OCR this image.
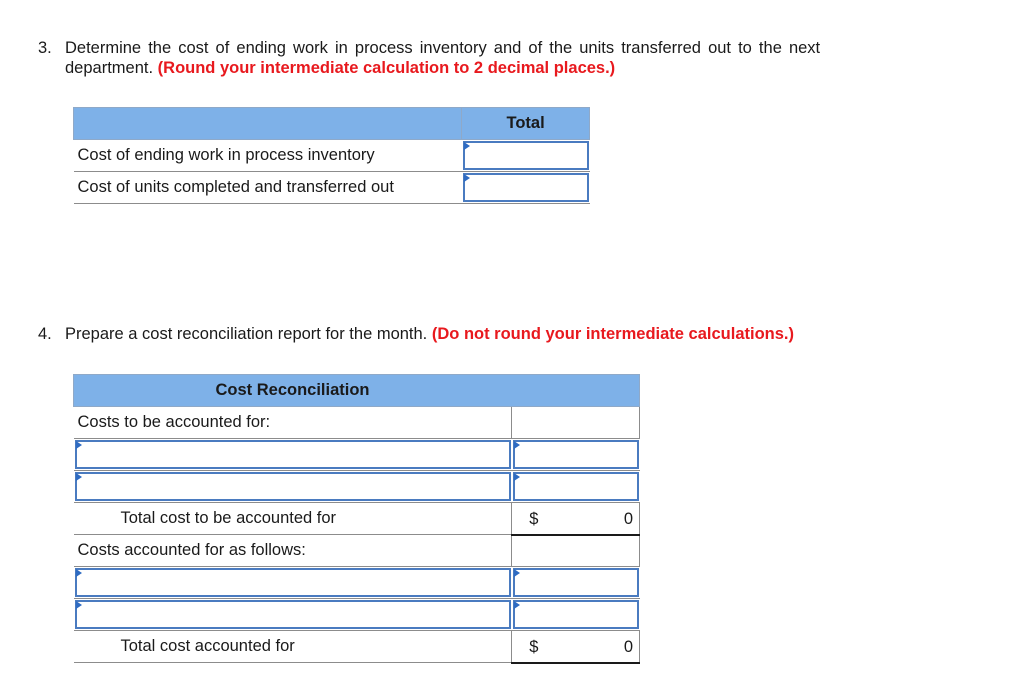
3. Determine the cost of ending work in process inventory and of the units transferred out to the next
department. (Round your intermediate calculation to 2 decimal places.)
	Total
Cost of ending work in process inventory	

Cost of units completed and transferred out	
4. Prepare a cost reconciliation report for the month. (Do not round your intermediate calculations.)
Cost Reconciliation	
Costs to be accounted for:	

Total cost to be accounted for	$ 0

Costs accounted for as follows:	

Total cost accounted for	$ 0
